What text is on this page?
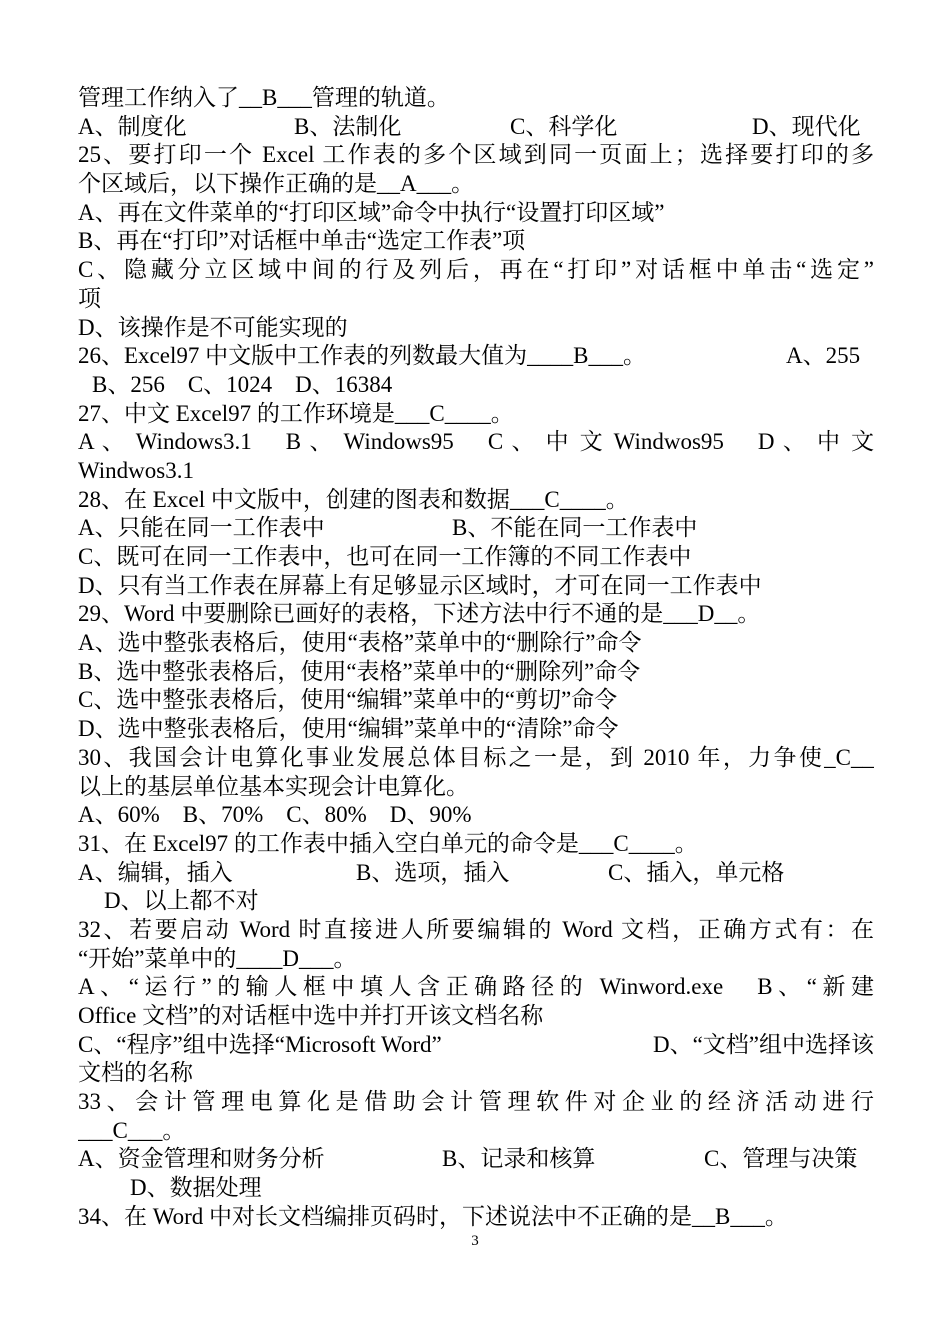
管理工作纳入了__B___管理的轨道。
A、制度化	B、法制化	C、科学化	D、现代化
25、要打印一个 Excel 工作表的多个区域到同一页面上；选择要打印的多
个区域后，以下操作正确的是__A___。
A、再在文件菜单的“打印区域”命令中执行“设置打印区域”
B、再在“打印”对话框中单击“选定工作表”项
C、隐藏分立区域中间的行及列后，再在“打印”对话框中单击“选定”
项
D、该操作是不可能实现的
26、Excel97 中文版中工作表的列数最大值为____B___。	A、255
B、256　C、1024　D、16384
27、中文 Excel97 的工作环境是___C____。
A 、 Windows3.1 　B 、 Windows95 　C 、 中 文 Windwos95 　D 、 中 文
Windwos3.1
28、在 Excel 中文版中，创建的图表和数据___C____。
A、只能在同一工作表中	B、不能在同一工作表中
C、既可在同一工作表中，也可在同一工作簿的不同工作表中
D、只有当工作表在屏幕上有足够显示区域时，才可在同一工作表中
29、Word 中要删除已画好的表格，下述方法中行不通的是___D__。
A、选中整张表格后，使用“表格”菜单中的“删除行”命令
B、选中整张表格后，使用“表格”菜单中的“删除列”命令
C、选中整张表格后，使用“编辑”菜单中的“剪切”命令
D、选中整张表格后，使用“编辑”菜单中的“清除”命令
30、我国会计电算化事业发展总体目标之一是，到 2010 年，力争使_C__
以上的基层单位基本实现会计电算化。
A、60%　B、70%　C、80%　D、90%
31、在 Excel97 的工作表中插入空白单元的命令是___C____。
A、编辑，插入	B、选项，插入	C、插入，单元格
D、以上都不对
32、若要启动 Word 时直接进人所要编辑的 Word 文档，正确方式有：在
“开始”菜单中的____D___。
A、“运行”的输人框中填人含正确路径的 Winword.exe　B、“新建
Office 文档”的对话框中选中并打开该文档名称
C、“程序”组中选择“Microsoft Word”	D、“文档”组中选择该
文档的名称
33、会计管理电算化是借助会计管理软件对企业的经济活动进行
___C___。
A、资金管理和财务分析	B、记录和核算	C、管理与决策
D、数据处理
34、在 Word 中对长文档编排页码时，下述说法中不正确的是__B___。
3
